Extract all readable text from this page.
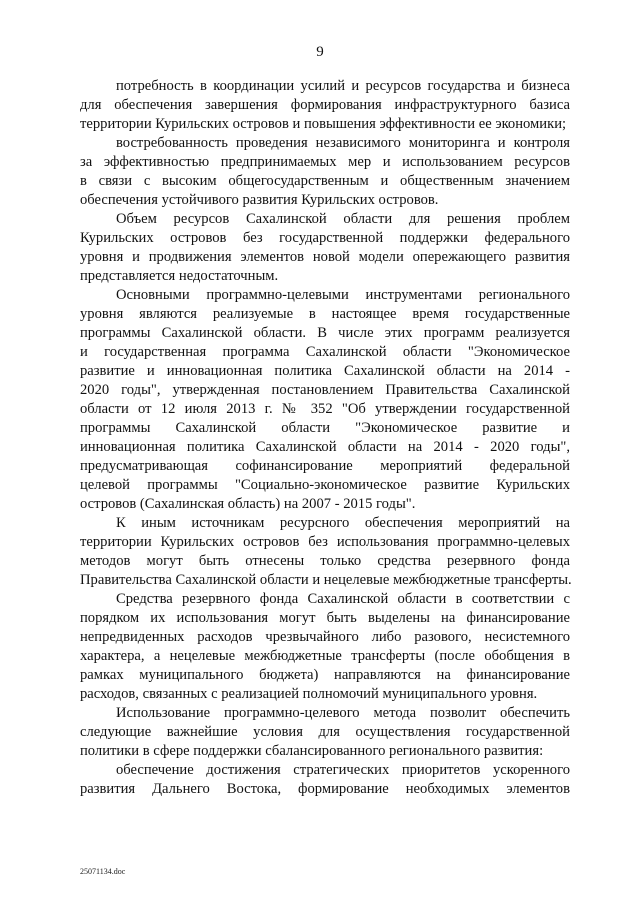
9
потребность в координации усилий и ресурсов государства и бизнеса
для обеспечения завершения формирования инфраструктурного базиса
территории Курильских островов и повышения эффективности ее экономики;
востребованность проведения независимого мониторинга и контроля
за эффективностью предпринимаемых мер и использованием ресурсов
в связи с высоким общегосударственным и общественным значением
обеспечения устойчивого развития Курильских островов.
Объем ресурсов Сахалинской области для решения проблем
Курильских островов без государственной поддержки федерального
уровня и продвижения элементов новой модели опережающего развития
представляется недостаточным.
Основными программно-целевыми инструментами регионального
уровня являются реализуемые в настоящее время государственные
программы Сахалинской области. В числе этих программ реализуется
и государственная программа Сахалинской области "Экономическое
развитие и инновационная политика Сахалинской области на 2014 -
2020 годы", утвержденная постановлением Правительства Сахалинской
области от 12 июля 2013 г. № 352 "Об утверждении государственной
программы Сахалинской области "Экономическое развитие и
инновационная политика Сахалинской области на 2014 - 2020 годы",
предусматривающая софинансирование мероприятий федеральной
целевой программы "Социально-экономическое развитие Курильских
островов (Сахалинская область) на 2007 - 2015 годы".
К иным источникам ресурсного обеспечения мероприятий на
территории Курильских островов без использования программно-целевых
методов могут быть отнесены только средства резервного фонда
Правительства Сахалинской области и нецелевые межбюджетные трансферты.
Средства резервного фонда Сахалинской области в соответствии с
порядком их использования могут быть выделены на финансирование
непредвиденных расходов чрезвычайного либо разового, несистемного
характера, а нецелевые межбюджетные трансферты (после обобщения в
рамках муниципального бюджета) направляются на финансирование
расходов, связанных с реализацией полномочий муниципального уровня.
Использование программно-целевого метода позволит обеспечить
следующие важнейшие условия для осуществления государственной
политики в сфере поддержки сбалансированного регионального развития:
обеспечение достижения стратегических приоритетов ускоренного
развития Дальнего Востока, формирование необходимых элементов
25071134.doc
